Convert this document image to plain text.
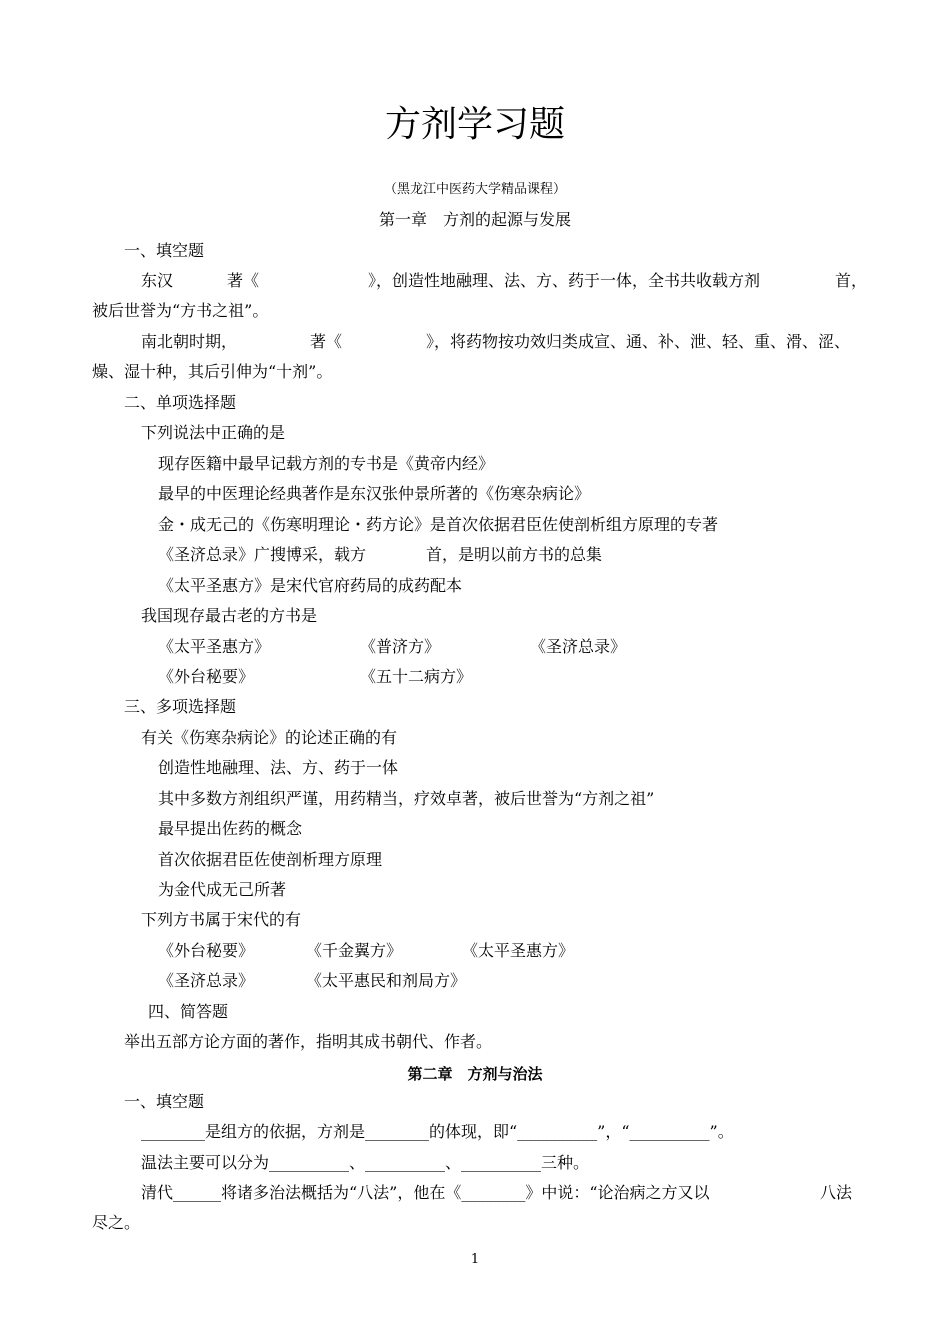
方剂学习题
（黑龙江中医药大学精品课程）
第一章　方剂的起源与发展
一、填空题
东汉	著《	》，创造性地融理、法、方、药于一体，全书共收载方剂	首，
被后世誉为“方书之祖”。
南北朝时期，	著《	》，将药物按功效归类成宣、通、补、泄、轻、重、滑、涩、
燥、湿十种，其后引伸为“十剂”。
二、单项选择题
下列说法中正确的是
现存医籍中最早记载方剂的专书是《黄帝内经》
最早的中医理论经典著作是东汉张仲景所著的《伤寒杂病论》
金・成无己的《伤寒明理论・药方论》是首次依据君臣佐使剖析组方原理的专著
《圣济总录》广搜博采，载方	首，是明以前方书的总集
《太平圣惠方》是宋代官府药局的成药配本
我国现存最古老的方书是
《太平圣惠方》	《普济方》	《圣济总录》
《外台秘要》	《五十二病方》
三、多项选择题
有关《伤寒杂病论》的论述正确的有
创造性地融理、法、方、药于一体
其中多数方剂组织严谨，用药精当，疗效卓著，被后世誉为“方剂之祖”
最早提出佐药的概念
首次依据君臣佐使剖析理方原理
为金代成无己所著
下列方书属于宋代的有
《外台秘要》	《千金翼方》	《太平圣惠方》
《圣济总录》	《太平惠民和剂局方》
四、简答题
举出五部方论方面的著作，指明其成书朝代、作者。
第二章　方剂与治法
一、填空题
________是组方的依据，方剂是________的体现，即“__________”，“__________”。
温法主要可以分为__________、__________、__________三种。
清代______将诸多治法概括为“八法”，他在《________》中说：“论治病之方又以	八法
尽之。
1
